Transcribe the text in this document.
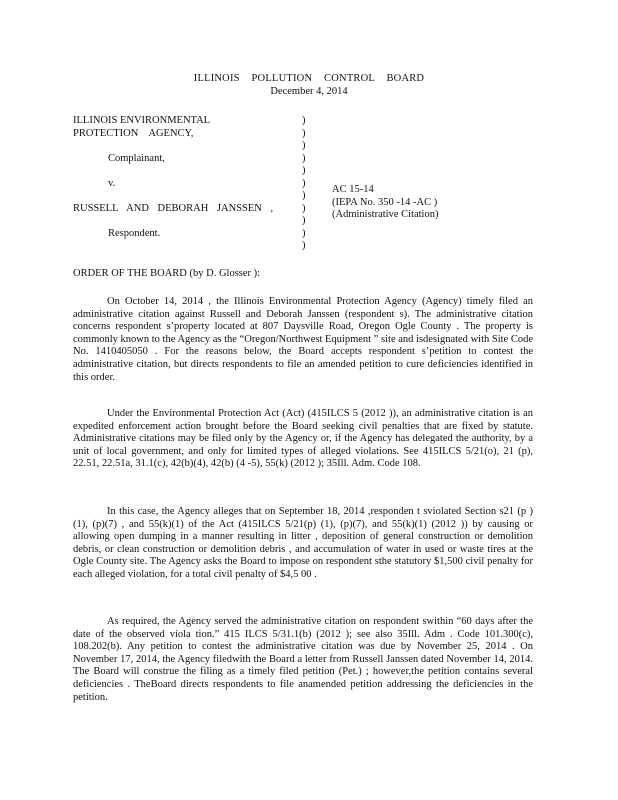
ILLINOIS POLLUTION CONTROL BOARD
December 4, 2014
ILLINOIS ENVIRONMENTAL
PROTECTION AGENCY,
Complainant,
v.
RUSSELL AND DEBORAH JANSSEN ,
Respondent.
)
)
)
)
)
)
)
)
)
)
)
AC 15-14
(IEPA No. 350 -14 -AC )
(Administrative Citation)
ORDER OF THE BOARD (by D. Glosser ):

On October 14, 2014 , the Illinois Environmental Protection Agency (Agency) timely filed an administrative citation against Russell and Deborah Janssen (respondent s). The administrative citation concerns respondent s’property located at 807 Daysville Road, Oregon Ogle County . The property is commonly known to the Agency as the “Oregon/Northwest Equipment ” site and isdesignated with Site Code No. 1410405050 . For the reasons below, the Board accepts respondent s’petition to contest the administrative citation, but directs respondents to file an amended petition to cure deficiencies identified in this order.

Under the Environmental Protection Act (Act) (415ILCS 5 (2012 )), an administrative citation is an expedited enforcement action brought before the Board seeking civil penalties that are fixed by statute. Administrative citations may be filed only by the Agency or, if the Agency has delegated the authority, by a unit of local government, and only for limited types of alleged violations. See 415ILCS 5/21(o), 21 (p), 22.51, 22.51a, 31.1(c), 42(b)(4), 42(b) (4 -5), 55(k) (2012 ); 35Ill. Adm. Code 108.

In this case, the Agency alleges that on September 18, 2014 ,responden t sviolated Section s21 (p ) (1), (p)(7) , and 55(k)(1) of the Act (415ILCS 5/21(p) (1), (p)(7), and 55(k)(1) (2012 )) by causing or allowing open dumping in a manner resulting in litter , deposition of general construction or demolition debris, or clean construction or demolition debris , and accumulation of water in used or waste tires at the Ogle County site. The Agency asks the Board to impose on respondent sthe statutory $1,500 civil penalty for each alleged violation, for a total civil penalty of $4,5 00 .

As required, the Agency served the administrative citation on respondent swithin “60 days after the date of the observed viola tion.” 415 ILCS 5/31.1(b) (2012 ); see also 35Ill. Adm . Code 101.300(c), 108.202(b). Any petition to contest the administrative citation was due by November 25, 2014 . On November 17, 2014, the Agency filedwith the Board a letter from Russell Janssen dated November 14, 2014. The Board will construe the filing as a timely filed petition (Pet.) ; however,the petition contains several deficiencies . TheBoard directs respondents to file anamended petition addressing the deficiencies in the petition.
